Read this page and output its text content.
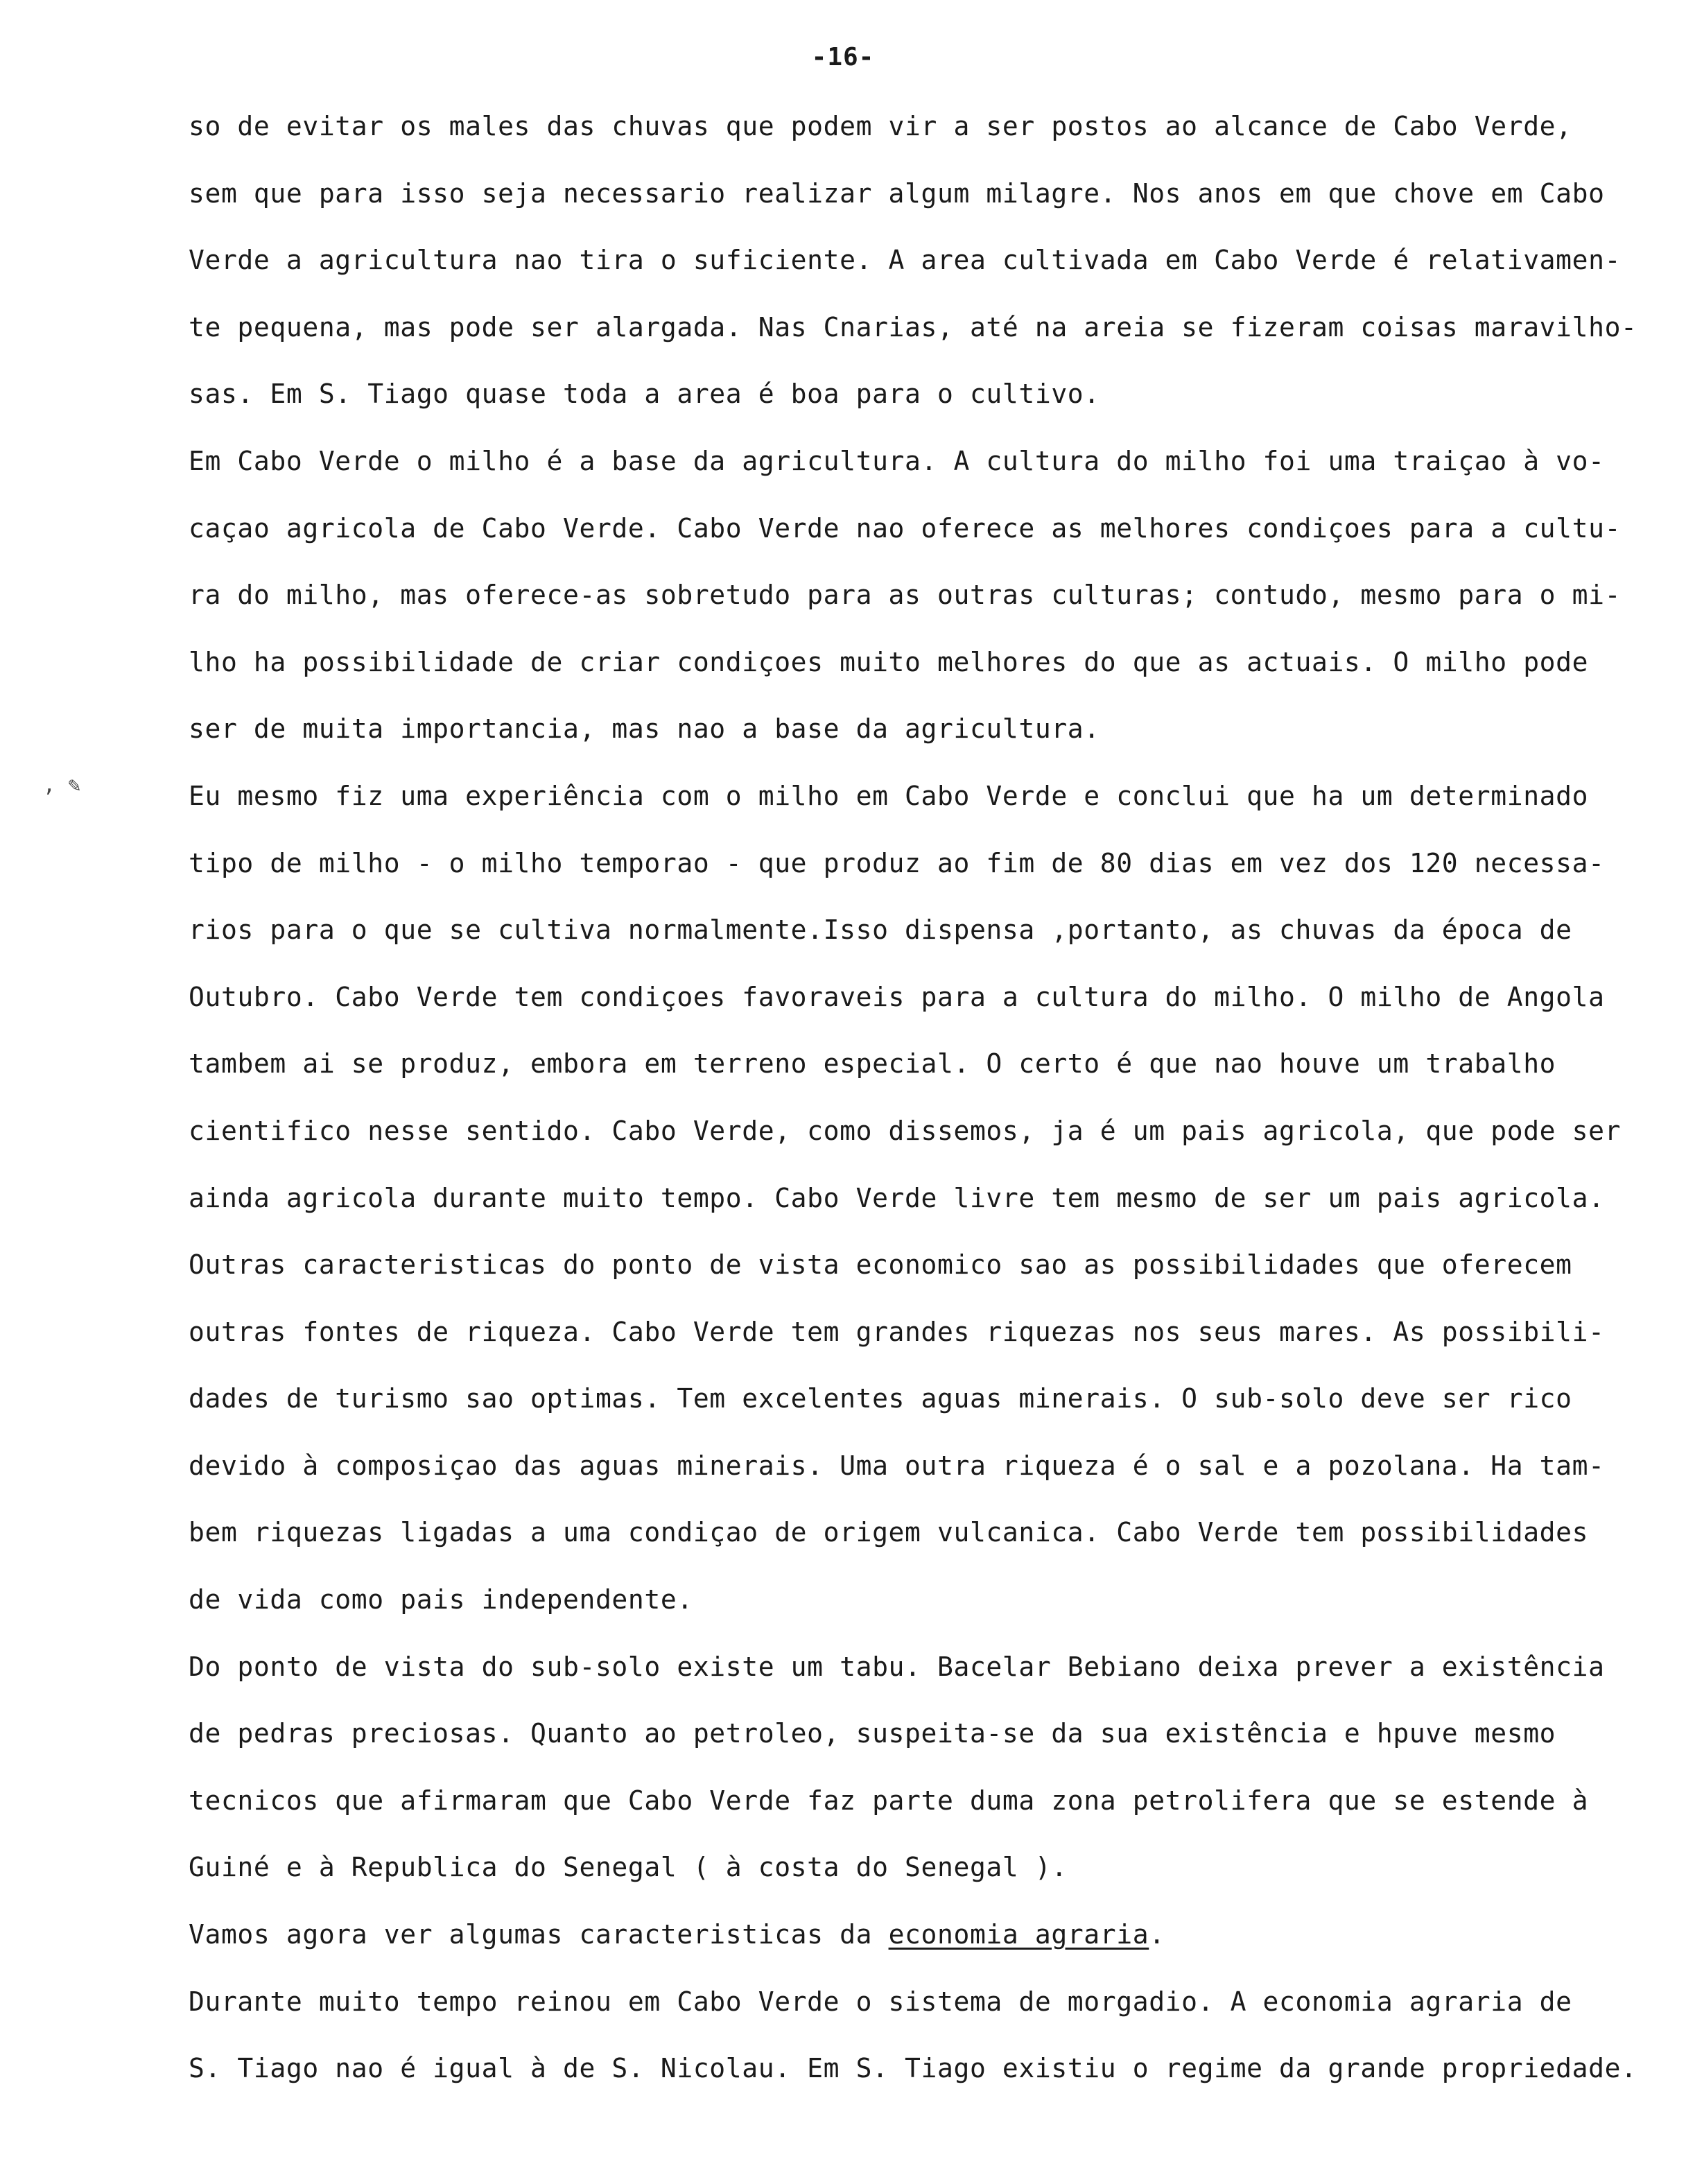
-16-
, ✎
so de evitar os males das chuvas que podem vir a ser postos ao alcance de Cabo Verde,
sem que para isso seja necessario realizar algum milagre. Nos anos em que chove em Cabo
Verde a agricultura nao tira o suficiente. A area cultivada em Cabo Verde é relativamen-
te pequena, mas pode ser alargada. Nas Cnarias, até na areia se fizeram coisas maravilho-
sas. Em S. Tiago quase toda a area é boa para o cultivo.
Em Cabo Verde o milho é a base da agricultura. A cultura do milho foi uma traiçao à vo-
caçao agricola de Cabo Verde. Cabo Verde nao oferece as melhores condiçoes para a cultu-
ra do milho, mas oferece-as sobretudo para as outras culturas; contudo, mesmo para o mi-
lho ha possibilidade de criar condiçoes muito melhores do que as actuais. O milho pode
ser de muita importancia, mas nao a base da agricultura.
Eu mesmo fiz uma experiência com o milho em Cabo Verde e conclui que ha um determinado
tipo de milho - o milho temporao - que produz ao fim de 80 dias em vez dos 120 necessa-
rios para o que se cultiva normalmente.Isso dispensa ,portanto, as chuvas da época de
Outubro. Cabo Verde tem condiçoes favoraveis para a cultura do milho. O milho de Angola
tambem ai se produz, embora em terreno especial. O certo é que nao houve um trabalho
cientifico nesse sentido. Cabo Verde, como dissemos, ja é um pais agricola, que pode ser
ainda agricola durante muito tempo. Cabo Verde livre tem mesmo de ser um pais agricola.
Outras caracteristicas do ponto de vista economico sao as possibilidades que oferecem
outras fontes de riqueza. Cabo Verde tem grandes riquezas nos seus mares. As possibili-
dades de turismo sao optimas. Tem excelentes aguas minerais. O sub-solo deve ser rico
devido à composiçao das aguas minerais. Uma outra riqueza é o sal e a pozolana. Ha tam-
bem riquezas ligadas a uma condiçao de origem vulcanica. Cabo Verde tem possibilidades
de vida como pais independente.
Do ponto de vista do sub-solo existe um tabu. Bacelar Bebiano deixa prever a existência
de pedras preciosas. Quanto ao petroleo, suspeita-se da sua existência e hpuve mesmo
tecnicos que afirmaram que Cabo Verde faz parte duma zona petrolifera que se estende à
Guiné e à Republica do Senegal ( à costa do Senegal ).
Vamos agora ver algumas caracteristicas da economia agraria.
Durante muito tempo reinou em Cabo Verde o sistema de morgadio. A economia agraria de
S. Tiago nao é igual à de S. Nicolau. Em S. Tiago existiu o regime da grande propriedade.
